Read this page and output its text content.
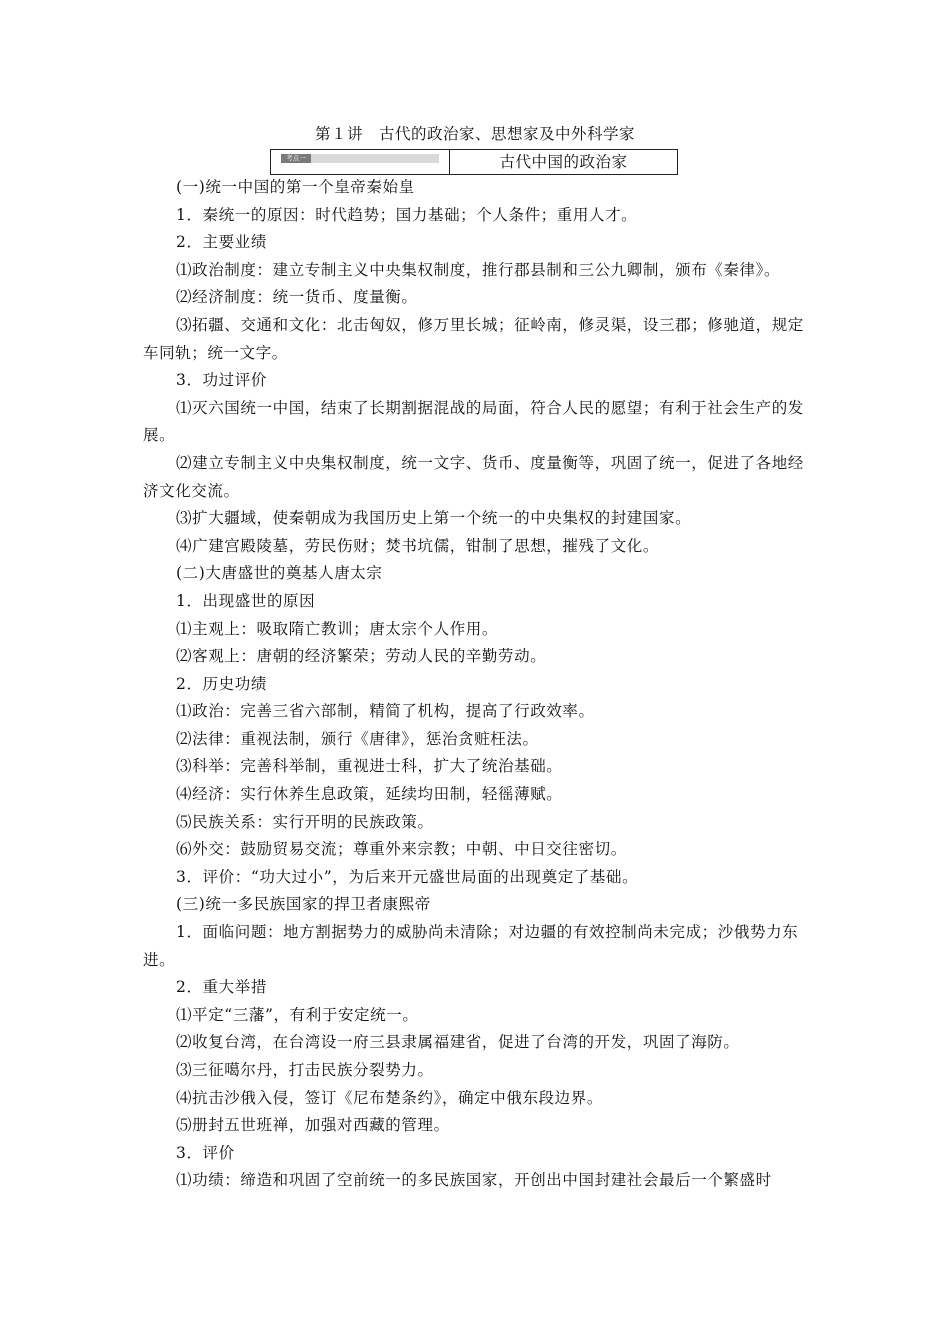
第１讲　古代的政治家、思想家及中外科学家
考点一	古代中国的政治家

(一)统一中国的第一个皇帝秦始皇

1．秦统一的原因：时代趋势；国力基础；个人条件；重用人才。

2．主要业绩

⑴政治制度：建立专制主义中央集权制度，推行郡县制和三公九卿制，颁布《秦律》。

⑵经济制度：统一货币、度量衡。

⑶拓疆、交通和文化：北击匈奴，修万里长城；征岭南，修灵渠，设三郡；修驰道，规定车同轨；统一文字。

3．功过评价

⑴灭六国统一中国，结束了长期割据混战的局面，符合人民的愿望；有利于社会生产的发展。

⑵建立专制主义中央集权制度，统一文字、货币、度量衡等，巩固了统一，促进了各地经济文化交流。

⑶扩大疆域，使秦朝成为我国历史上第一个统一的中央集权的封建国家。

⑷广建宫殿陵墓，劳民伤财；焚书坑儒，钳制了思想，摧残了文化。

(二)大唐盛世的奠基人唐太宗

1．出现盛世的原因

⑴主观上：吸取隋亡教训；唐太宗个人作用。

⑵客观上：唐朝的经济繁荣；劳动人民的辛勤劳动。

2．历史功绩

⑴政治：完善三省六部制，精简了机构，提高了行政效率。

⑵法律：重视法制，颁行《唐律》，惩治贪赃枉法。

⑶科举：完善科举制，重视进士科，扩大了统治基础。

⑷经济：实行休养生息政策，延续均田制，轻徭薄赋。

⑸民族关系：实行开明的民族政策。

⑹外交：鼓励贸易交流；尊重外来宗教；中朝、中日交往密切。

3．评价：“功大过小”，为后来开元盛世局面的出现奠定了基础。

(三)统一多民族国家的捍卫者康熙帝

1．面临问题：地方割据势力的威胁尚未清除；对边疆的有效控制尚未完成；沙俄势力东进。

2．重大举措

⑴平定“三藩”，有利于安定统一。

⑵收复台湾，在台湾设一府三县隶属福建省，促进了台湾的开发，巩固了海防。

⑶三征噶尔丹，打击民族分裂势力。

⑷抗击沙俄入侵，签订《尼布楚条约》，确定中俄东段边界。

⑸册封五世班禅，加强对西藏的管理。

3．评价

⑴功绩：缔造和巩固了空前统一的多民族国家，开创出中国封建社会最后一个繁盛时
